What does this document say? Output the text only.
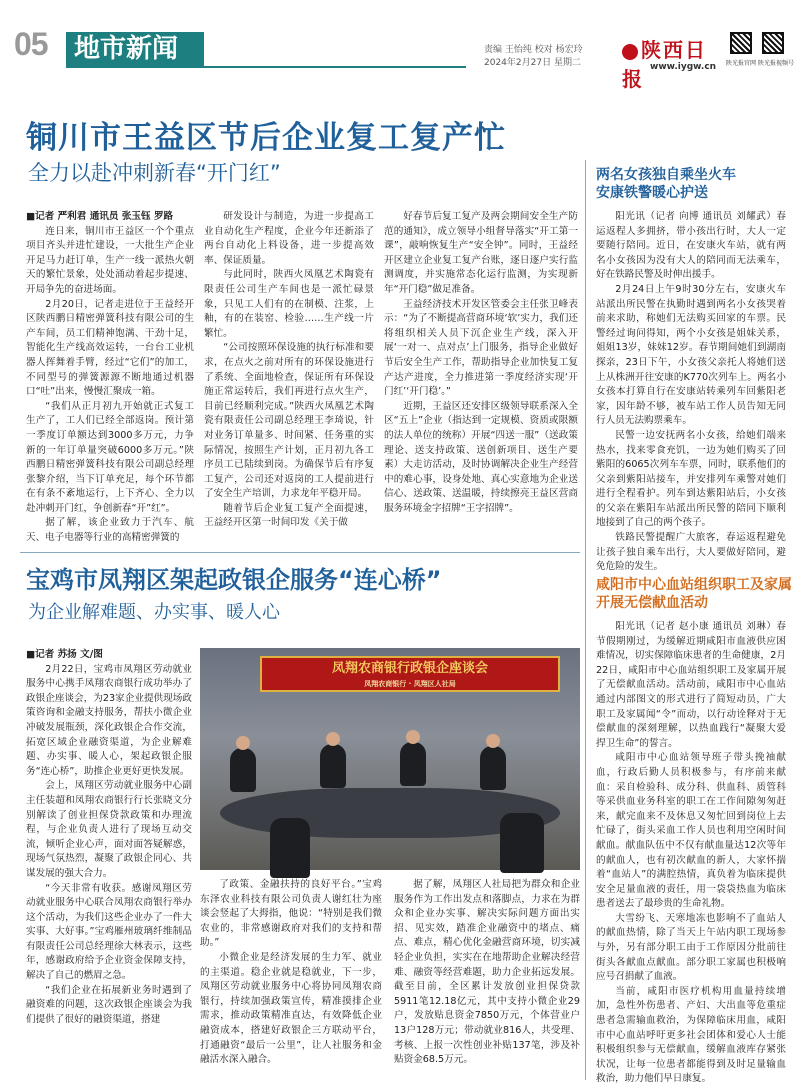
05	地市新闻	责编 王怡纯 校对 杨宏玲
2024年2月27日 星期二
陕西日报 www.iygw.cn 陕光报官网 陕光报视频号
铜川市王益区节后企业复工复产忙
全力以赴冲刺新春“开门红”

■记者 严利君 通讯员 张玉钰 罗路

连日来，铜川市王益区一个个重点项目齐头并进忙建设，一大批生产企业开足马力赶订单，生产一线一派热火朝天的繁忙景象，处处涌动着起步提速、开局争先的奋进场面。

2月20日，记者走进位于王益经开区陕西鹏日精密弹簧科技有限公司的生产车间，员工们精神饱满、干劲十足，智能化生产线高效运转，一台台工业机器人挥舞着手臂，经过“它们”的加工，不同型号的弹簧源源不断地通过机器口“吐”出来，慢慢汇聚成一箱。

“我们从正月初九开始就正式复工生产了，工人们已经全部返岗。预计第一季度订单额达到3000多万元，力争新的一年订单量突破6000多万元。”陕西鹏日精密弹簧科技有限公司副总经理张黎介绍，当下订单充足，每个环节都在有条不紊地运行，上下齐心、全力以赴冲刺开门红，争创新春“开”红”。

据了解，该企业致力于汽车、航天、电子电器等行业的高精密弹簧的

研发设计与制造，为进一步提高工业自动化生产程度，企业今年还新添了两台自动化上料设备，进一步提高效率、保证质量。

与此同时，陕西火凤凰艺术陶瓷有限责任公司生产车间也是一派忙碌景象，只见工人们有的在制模、注浆，上釉，有的在装窑、检验……生产线一片繁忙。

“公司按照环保设施的执行标准和要求，在点火之前对所有的环保设施进行了系统、全面地检查，保证所有环保设施正常运转后，我们再进行点火生产，目前已经顺利完成。”陕西火凤凰艺术陶瓷有限责任公司副总经理王李琦说，针对业务订单量多、时间紧、任务重的实际情况，按照生产计划，正月初九各工序员工已陆续到岗。为确保节后有序复工复产，公司还对返岗的工人提前进行了安全生产培训，力求龙年平稳开局。

随着节后企业复工复产全面提速，王益经开区第一时间印发《关于做

好春节后复工复产及两会期间安全生产防范的通知》，成立领导小组督导落实“开工第一课”，敲响恢复生产“安全钟”。同时，王益经开区建立企业复工复产台账，逐日逐户实行监测调度，并实施常态化运行监测，为实现新年“开门稳”做足准备。

王益经济技术开发区管委会主任张卫峰表示：“为了不断提高营商环境‘软’实力，我们还将组织相关人员下沉企业生产线，深入开展‘一对一、点对点’上门服务，指导企业做好节后安全生产工作，帮助指导企业加快复工复产达产进度，全力推进第一季度经济实现‘开门红’‘开门稳’。”

近期，王益区还安排区级领导联系深入全区“五上”企业（指达到一定规模、资质或限额的法人单位的统称）开展“四送一服”（送政策理论、送支持政策、送创新项目、送生产要素）大走访活动，及时协调解决企业生产经营中的难心事，设身处地、真心实意地为企业送信心、送政策、送温暖，持续擦亮王益区营商服务环境金字招牌“王字招牌”。

宝鸡市凤翔区架起政银企服务“连心桥”
为企业解难题、办实事、暖人心

■记者 苏扬 文/图

2月22日，宝鸡市凤翔区劳动就业服务中心携手凤翔农商银行成功举办了政银企座谈会，为23家企业提供现场政策咨询和金融支持服务，帮扶小微企业冲破发展瓶颈，深化政银企合作交流，拓宽区域企业融资渠道，为企业解难题、办实事、暖人心，架起政银企服务“连心桥”，助推企业更好更快发展。

会上，凤翔区劳动就业服务中心副主任装超和凤翔农商银行行长张晓文分别解读了创业担保贷款政策和办理流程，与企业负责人进行了现场互动交流，倾听企业心声，面对面答疑解惑，现场气氛热烈，凝聚了政银企同心、共谋发展的强大合力。

“今天非常有收获。感谢凤翔区劳动就业服务中心联合凤翔农商银行举办这个活动，为我们这些企业办了一件大实事、大好事。”宝鸡雁州玻璃纤维制品有限责任公司总经理徐大林表示，这些年，感谢政府给予企业资金保障支持，解决了自己的燃眉之急。

“我们企业在拓展新业务时遇到了融资难的问题，这次政银企座谈会为我们提供了很好的融资渠道，搭建

凤翔农商银行政银企座谈会
凤翔农商银行 · 凤翔区人社局

了政策、金融扶持的良好平台。”宝鸡东泽农业科技有限公司负责人谢红壮为座谈会竖起了大拇指，他说：“特别是我们微农业的，非常感谢政府对我们的支持和帮助。”

小微企业是经济发展的生力军、就业的主渠道。稳企业就是稳就业，下一步，凤翔区劳动就业服务中心将协同凤翔农商银行，持续加强政策宣传，精准摸排企业需求，推动政策精准直达，有效降低企业融资成本，搭建好政银企三方联动平台，打通融资“最后一公里”，让人社服务和金融活水深入融合。

据了解，凤翔区人社局把为群众和企业服务作为工作出发点和落脚点，力求在为群众和企业办实事、解决实际问题方面出实招、见实效，踏准企业融资中的堵点、痛点、难点，精心优化金融营商环境，切实减轻企业负担，实实在在地帮助企业解决经营难、融资等经营难题，助力企业拓远发展。截至目前，全区累计发放创业担保贷款5911笔12.18亿元，其中支持小微企业29户，发放贴息资金7850万元，个体营业户13户128万元；带动就业816人，共受理、考核、上报一次性创业补贴137笔，涉及补贴资金68.5万元。

两名女孩独自乘坐火车
安康铁警暖心护送

阳光讯（记者 向博 通讯员 刘耀武）春运返程人多拥挤，带小孩出行时，大人一定要随行陪同。近日，在安康火车站，就有两名小女孩因为没有大人的陪同而无法乘车，好在铁路民警及时伸出援手。

2月24日上午9时30分左右，安康火车站派出所民警在执勤时遇到两名小女孩哭着前来求助，称她们无法购买回家的车票。民警经过询问得知，两个小女孩是姐妹关系，姐姐13岁，妹妹12岁。春节期间她们到湖南探亲，23日下午，小女孩父亲托人将她们送上从株洲开往安康的K770次列车上。两名小女孩本打算自行在安康站转乘列车回紫阳老家，因年龄不够，被车站工作人员告知无同行人员无法购票乘车。

民警一边安抚两名小女孩，给她们端来热水，找来零食充饥，一边为她们购买了回紫阳的6065次列车车票，同时，联系他们的父亲到紫阳站接车，并安排列车乘警对她们进行全程看护。列车到达紫阳站后，小女孩的父亲在紫阳车站派出所民警的陪同下顺利地接到了自己的两个孩子。

铁路民警提醒广大旅客，春运返程避免让孩子独自乘车出行，大人要做好陪同，避免危险的发生。

咸阳市中心血站组织职工及家属
开展无偿献血活动

阳光讯（记者 赵小康 通讯员 刘琳）春节假期刚过，为缓解近期咸阳市血液供应困难情况，切实保障临床患者的生命健康，2月22日，咸阳市中心血站组织职工及家属开展了无偿献血活动。活动前，咸阳市中心血站通过内部图文的形式进行了简短动员，广大职工及家属闻“令”而动，以行动诠释对于无偿献血的深刻理解，以热血践行“凝聚大爱 捍卫生命”的誓言。

咸阳市中心血站领导班子带头挽袖献血，行政后勤人员积极参与，有序前来献血：采自检验科、成分科、供血科、质管科等采供血业务科室的职工在工作间隙匆匆赶来，献完血来不及休息又匆忙回到岗位上去忙碌了，街头采血工作人员也利用空闲时间献血。献血队伍中不仅有献血量达12次等年的献血人，也有初次献血的新人，大家怀揣着“血站人”的满腔热情，真负着为临床提供安全足量血液的责任，用一袋袋热血为临床患者送去了最珍贵的生命礼物。

大雪纷飞、天寒地冻也影响不了血站人的献血热情，除了当天上午站内职工现场参与外，另有部分职工由于工作原因分批前往街头各献血点献血。部分职工家属也积极响应号召捐献了血液。

当前，咸阳市医疗机构用血量持续增加，急性外伤患者、产妇、大出血等危重症患者急需输血救治，为保障临床用血，咸阳市中心血站呼吁更多社会团体和爱心人士能积极组织参与无偿献血，缓解血液库存紧张状况，让每一位患者都能得到及时足量输血救治，助力他们早日康复。
